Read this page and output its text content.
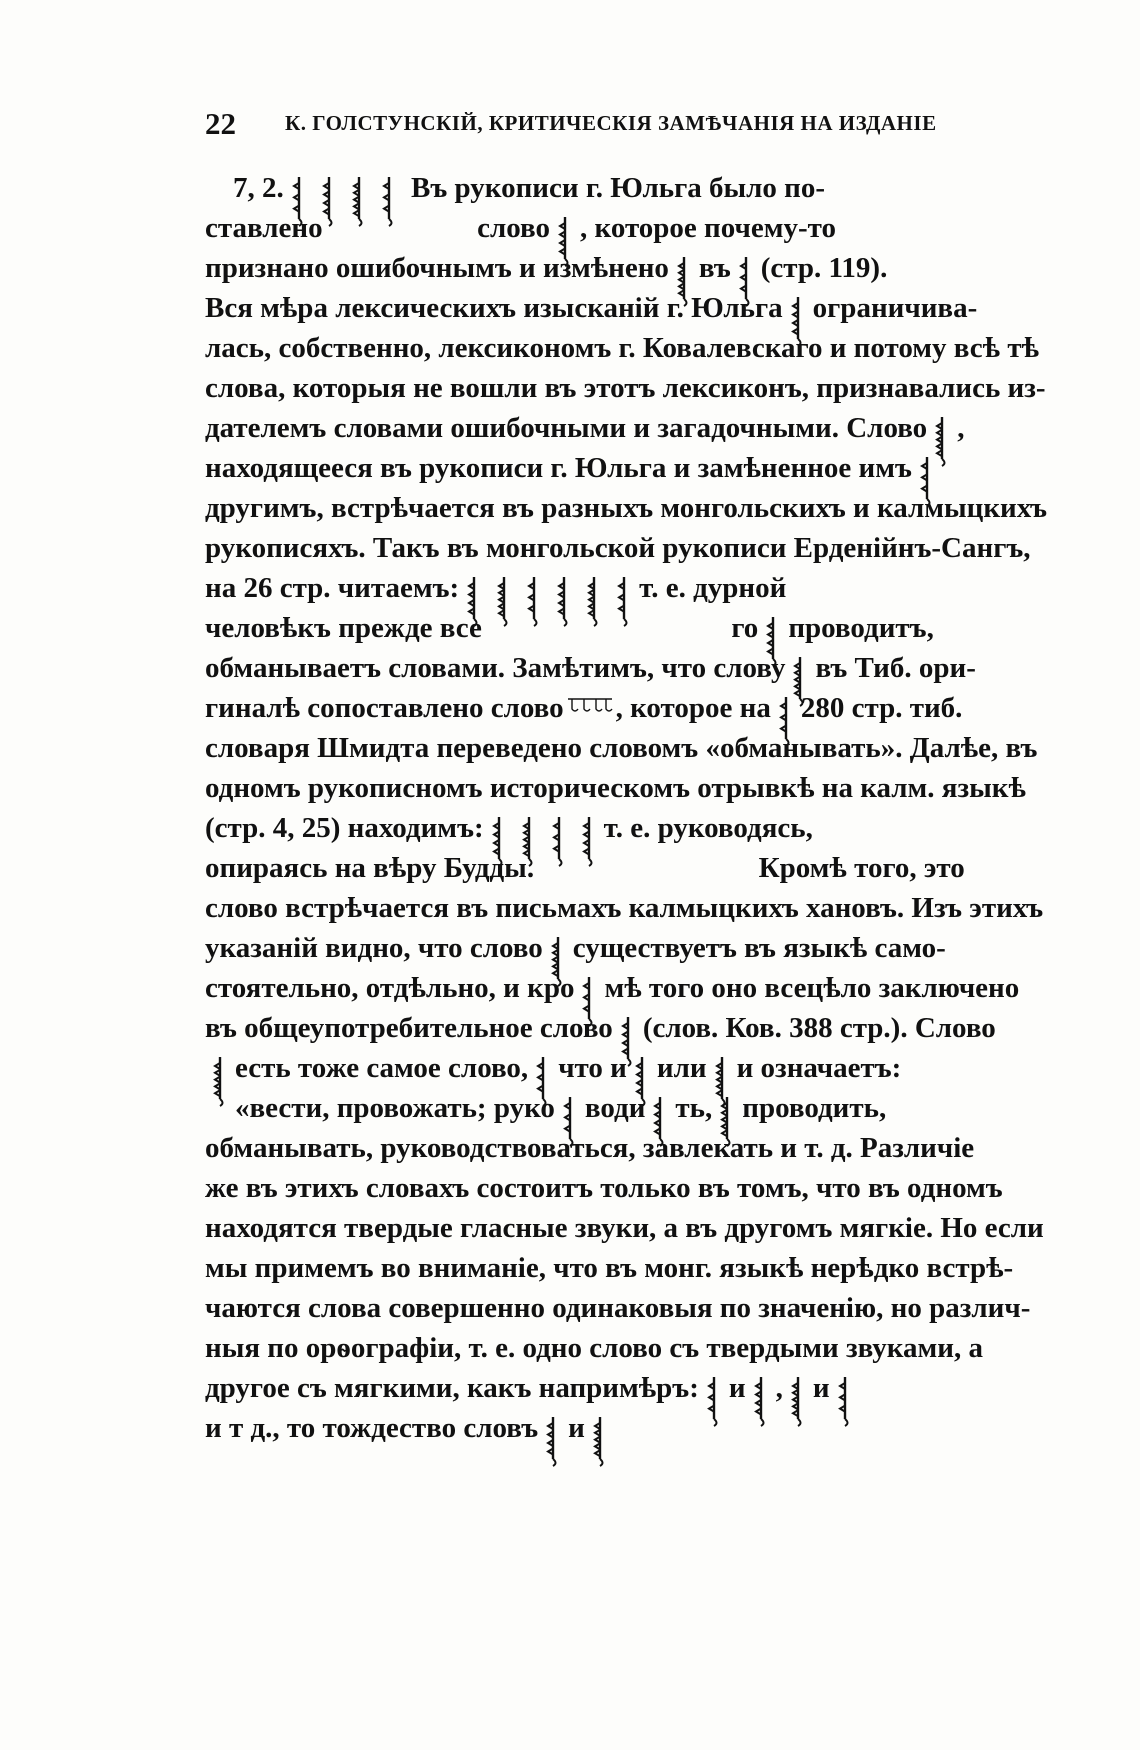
22 К. ГОЛСТУНСКІЙ, КРИТИЧЕСКІЯ ЗАМѢЧАНІЯ НА ИЗДАНІЕ
7, 2.	Въ рукописи г. Юльга было по-
ставлено	слово , которое почему-то
признано ошибочнымъ и измѣнено въ (стр. 119).
Вся мѣра лексическихъ изысканій г. Юльга ограничива-
лась, собственно, лексикономъ г. Ковалевскаго и потому всѣ тѣ
слова, которыя не вошли въ этотъ лексиконъ, признавались из-
дателемъ словами ошибочными и загадочными. Слово ,
находящееся въ рукописи г. Юльга и замѣненное имъ
другимъ, встрѣчается въ разныхъ монгольскихъ и калмыцкихъ
рукописяхъ. Такъ въ монгольской рукописи Ерденійнъ-Сангъ,
на 26 стр. читаемъ:	т. е. дурной
человѣкъ прежде все	го проводитъ,
обманываетъ словами. Замѣтимъ, что слову въ Тиб. ори-
гиналѣ сопоставлено слово , которое на 280 стр. тиб.
словаря Шмидта переведено словомъ «обманывать». Далѣе, въ
одномъ рукописномъ историческомъ отрывкѣ на калм. языкѣ
(стр. 4, 25) находимъ:	т. е. руководясь,
опираясь на вѣру Будды.	Кромѣ того, это
слово встрѣчается въ письмахъ калмыцкихъ хановъ. Изъ этихъ
указаній видно, что слово существуетъ въ языкѣ само-
стоятельно, отдѣльно, и кро мѣ того оно всецѣло заключено
въ общеупотребительное слово (слов. Ков. 388 стр.). Слово
есть тоже самое слово, что и или и означаетъ:
«вести, провожать; руко води ть, проводить,
обманывать, руководствоваться, завлекать и т. д. Различіе
же въ этихъ словахъ состоитъ только въ томъ, что въ одномъ
находятся твердые гласные звуки, а въ другомъ мягкіе. Но если
мы примемъ во вниманіе, что въ монг. языкѣ нерѣдко встрѣ-
чаются слова совершенно одинаковыя по значенію, но различ-
ныя по орѳографіи, т. е. одно слово съ твердыми звуками, а
другое съ мягкими, какъ напримѣръ: и , и
и т д., то тождество словъ и
